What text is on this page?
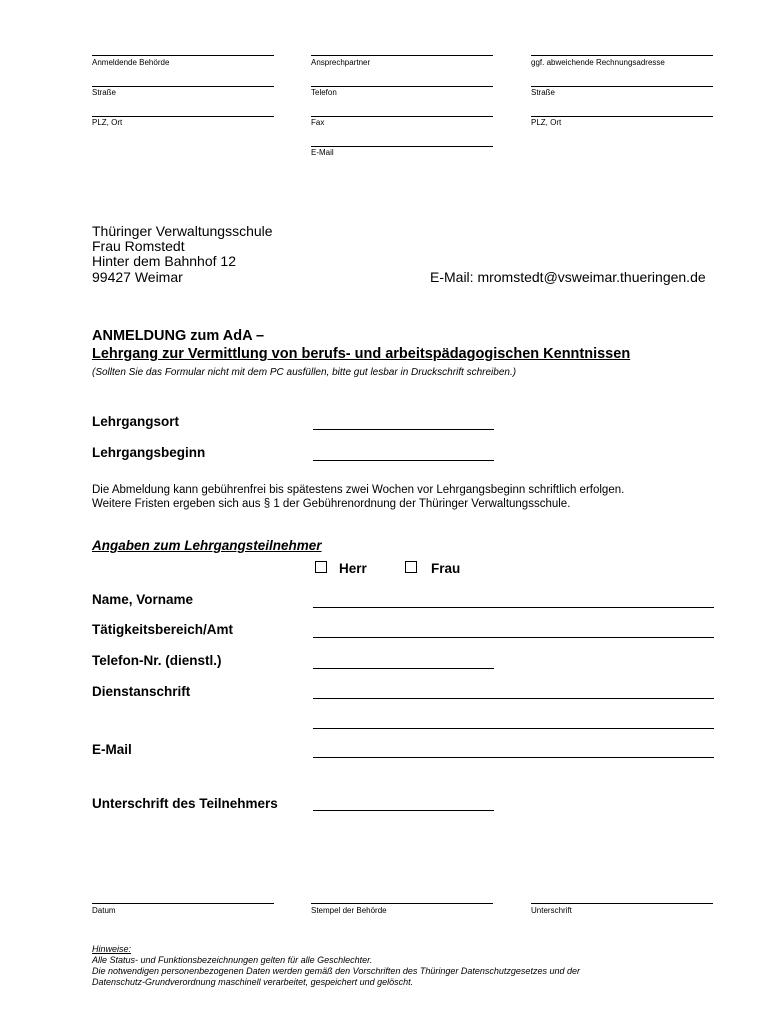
Anmeldende Behörde
Straße
PLZ, Ort
Ansprechpartner
Telefon
Fax
E-Mail
ggf. abweichende Rechnungsadresse
Straße
PLZ, Ort
Thüringer Verwaltungsschule
Frau Romstedt
Hinter dem Bahnhof 12
99427 Weimar	E-Mail: mromstedt@vsweimar.thueringen.de
ANMELDUNG zum AdA –
Lehrgang zur Vermittlung von berufs- und arbeitspädagogischen Kenntnissen
(Sollten Sie das Formular nicht mit dem PC ausfüllen, bitte gut lesbar in Druckschrift schreiben.)
Lehrgangsort
Lehrgangsbeginn
Die Abmeldung kann gebührenfrei bis spätestens zwei Wochen vor Lehrgangsbeginn schriftlich erfolgen.
Weitere Fristen ergeben sich aus § 1 der Gebührenordnung der Thüringer Verwaltungsschule.
Angaben zum Lehrgangsteilnehmer
Herr	Frau
Name, Vorname
Tätigkeitsbereich/Amt
Telefon-Nr. (dienstl.)
Dienstanschrift
E-Mail
Unterschrift des Teilnehmers
Datum	Stempel der Behörde	Unterschrift
Hinweise:
Alle Status- und Funktionsbezeichnungen gelten für alle Geschlechter.
Die notwendigen personenbezogenen Daten werden gemäß den Vorschriften des Thüringer Datenschutzgesetzes und der
Datenschutz-Grundverordnung maschinell verarbeitet, gespeichert und gelöscht.
